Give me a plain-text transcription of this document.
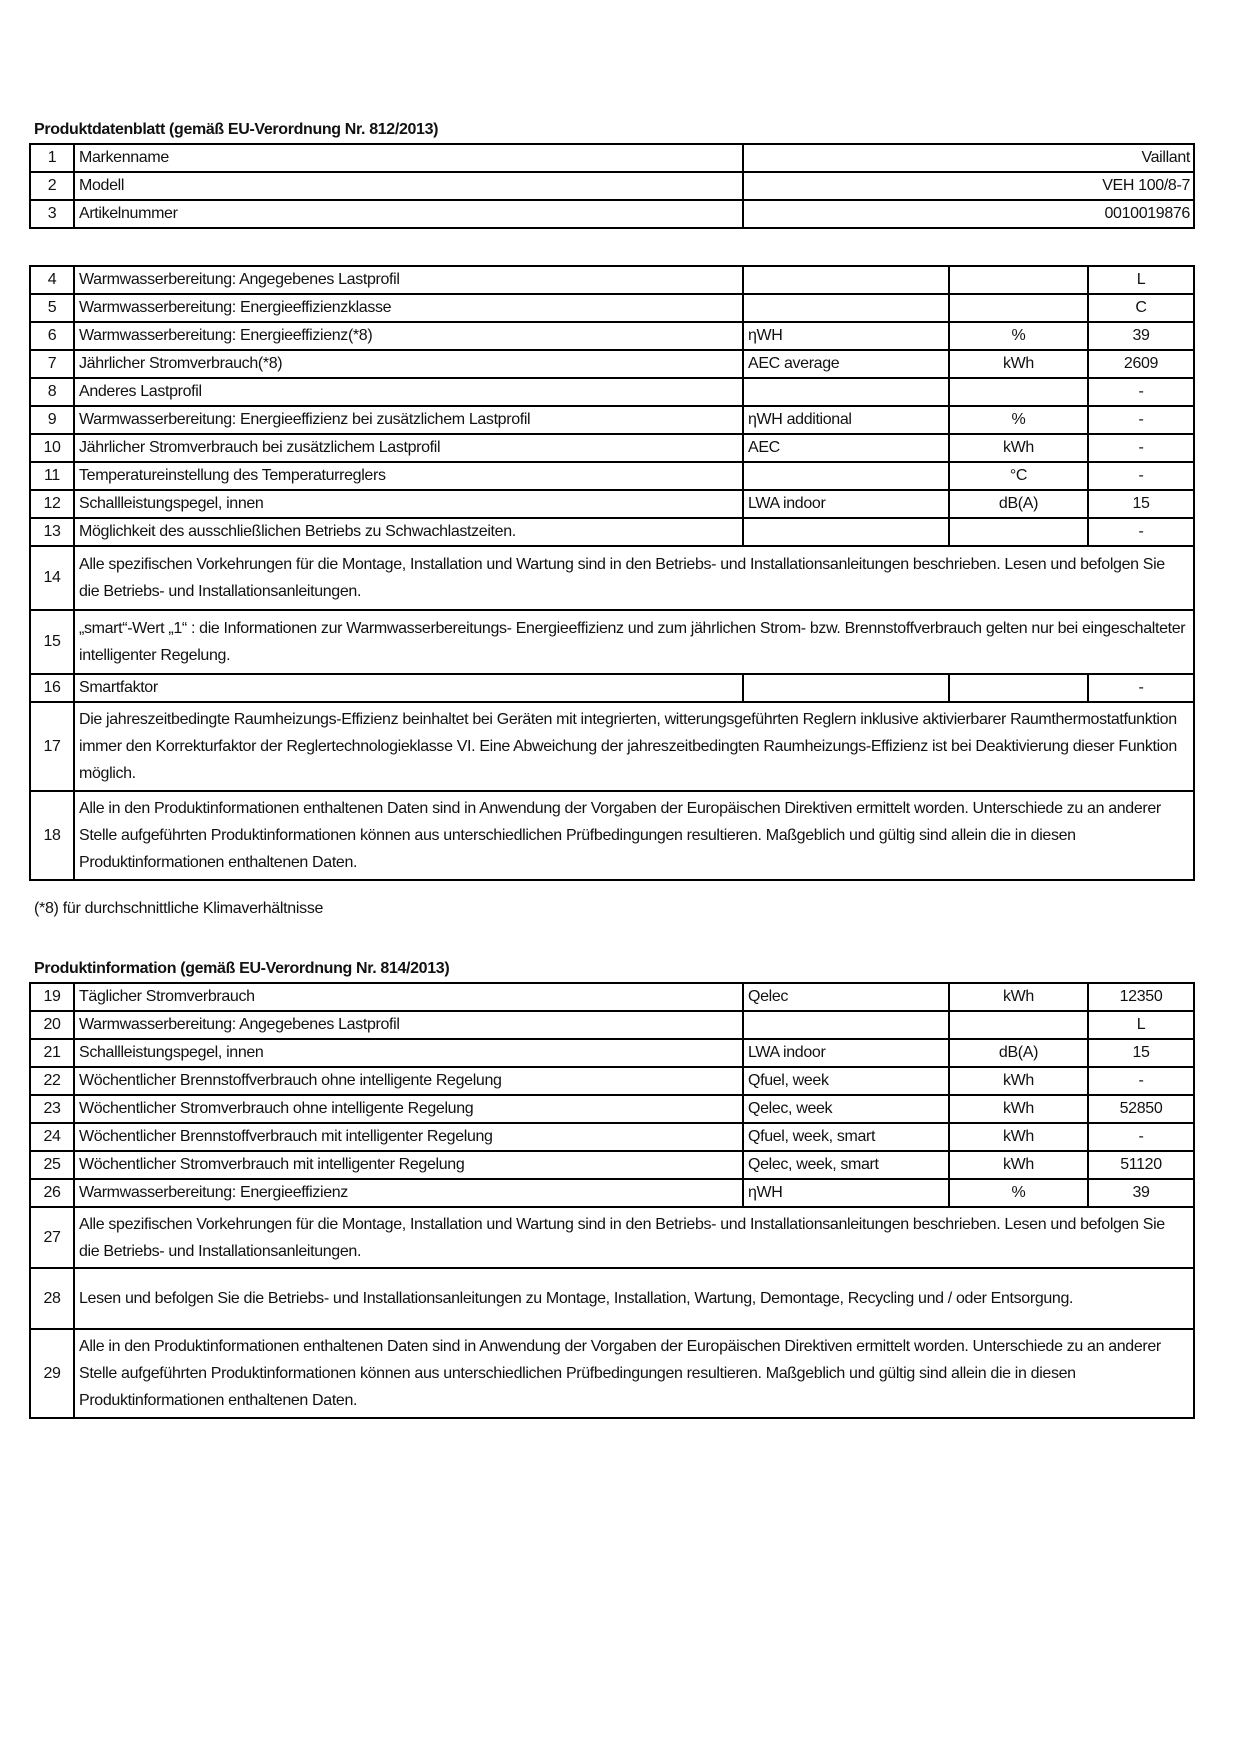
Produktdatenblatt (gemäß EU-Verordnung Nr. 812/2013)
1	Markenname	Vaillant
2	Modell	VEH 100/8-7
3	Artikelnummer	0010019876
4	Warmwasserbereitung: Angegebenes Lastprofil			L
5	Warmwasserbereitung: Energieeffizienzklasse			C
6	Warmwasserbereitung: Energieeffizienz(*8)	ηWH	%	39
7	Jährlicher Stromverbrauch(*8)	AEC average	kWh	2609
8	Anderes Lastprofil			-
9	Warmwasserbereitung: Energieeffizienz bei zusätzlichem Lastprofil	ηWH additional	%	-
10	Jährlicher Stromverbrauch bei zusätzlichem Lastprofil	AEC	kWh	-
11	Temperatureinstellung des Temperaturreglers		°C	-
12	Schallleistungspegel, innen	LWA indoor	dB(A)	15
13	Möglichkeit des ausschließlichen Betriebs zu Schwachlastzeiten.			-
14	Alle spezifischen Vorkehrungen für die Montage, Installation und Wartung sind in den Betriebs- und Installationsanleitungen beschrieben. Lesen und befolgen Sie die Betriebs- und Installationsanleitungen.			
15	„smart“-Wert „1“ : die Informationen zur Warmwasserbereitungs- Energieeffizienz und zum jährlichen Strom- bzw. Brennstoffverbrauch gelten nur bei eingeschalteter intelligenter Regelung.			
16	Smartfaktor			-
17	Die jahreszeitbedingte Raumheizungs-Effizienz beinhaltet bei Geräten mit integrierten, witterungsgeführten Reglern inklusive aktivierbarer Raumthermostatfunktion immer den Korrekturfaktor der Reglertechnologieklasse VI. Eine Abweichung der jahreszeitbedingten Raumheizungs-Effizienz ist bei Deaktivierung dieser Funktion möglich.			
18	Alle in den Produktinformationen enthaltenen Daten sind in Anwendung der Vorgaben der Europäischen Direktiven ermittelt worden. Unterschiede zu an anderer Stelle aufgeführten Produktinformationen können aus unterschiedlichen Prüfbedingungen resultieren. Maßgeblich und gültig sind allein die in diesen Produktinformationen enthaltenen Daten.			
(*8) für durchschnittliche Klimaverhältnisse
Produktinformation (gemäß EU-Verordnung Nr. 814/2013)
19	Täglicher Stromverbrauch	Qelec	kWh	12350
20	Warmwasserbereitung: Angegebenes Lastprofil			L
21	Schallleistungspegel, innen	LWA indoor	dB(A)	15
22	Wöchentlicher Brennstoffverbrauch ohne intelligente Regelung	Qfuel, week	kWh	-
23	Wöchentlicher Stromverbrauch ohne intelligente Regelung	Qelec, week	kWh	52850
24	Wöchentlicher Brennstoffverbrauch mit intelligenter Regelung	Qfuel, week, smart	kWh	-
25	Wöchentlicher Stromverbrauch mit intelligenter Regelung	Qelec, week, smart	kWh	51120
26	Warmwasserbereitung: Energieeffizienz	ηWH	%	39
27	Alle spezifischen Vorkehrungen für die Montage, Installation und Wartung sind in den Betriebs- und Installationsanleitungen beschrieben. Lesen und befolgen Sie die Betriebs- und Installationsanleitungen.			
28	Lesen und befolgen Sie die Betriebs- und Installationsanleitungen zu Montage, Installation, Wartung, Demontage, Recycling und / oder Entsorgung.			
29	Alle in den Produktinformationen enthaltenen Daten sind in Anwendung der Vorgaben der Europäischen Direktiven ermittelt worden. Unterschiede zu an anderer Stelle aufgeführten Produktinformationen können aus unterschiedlichen Prüfbedingungen resultieren. Maßgeblich und gültig sind allein die in diesen Produktinformationen enthaltenen Daten.			
